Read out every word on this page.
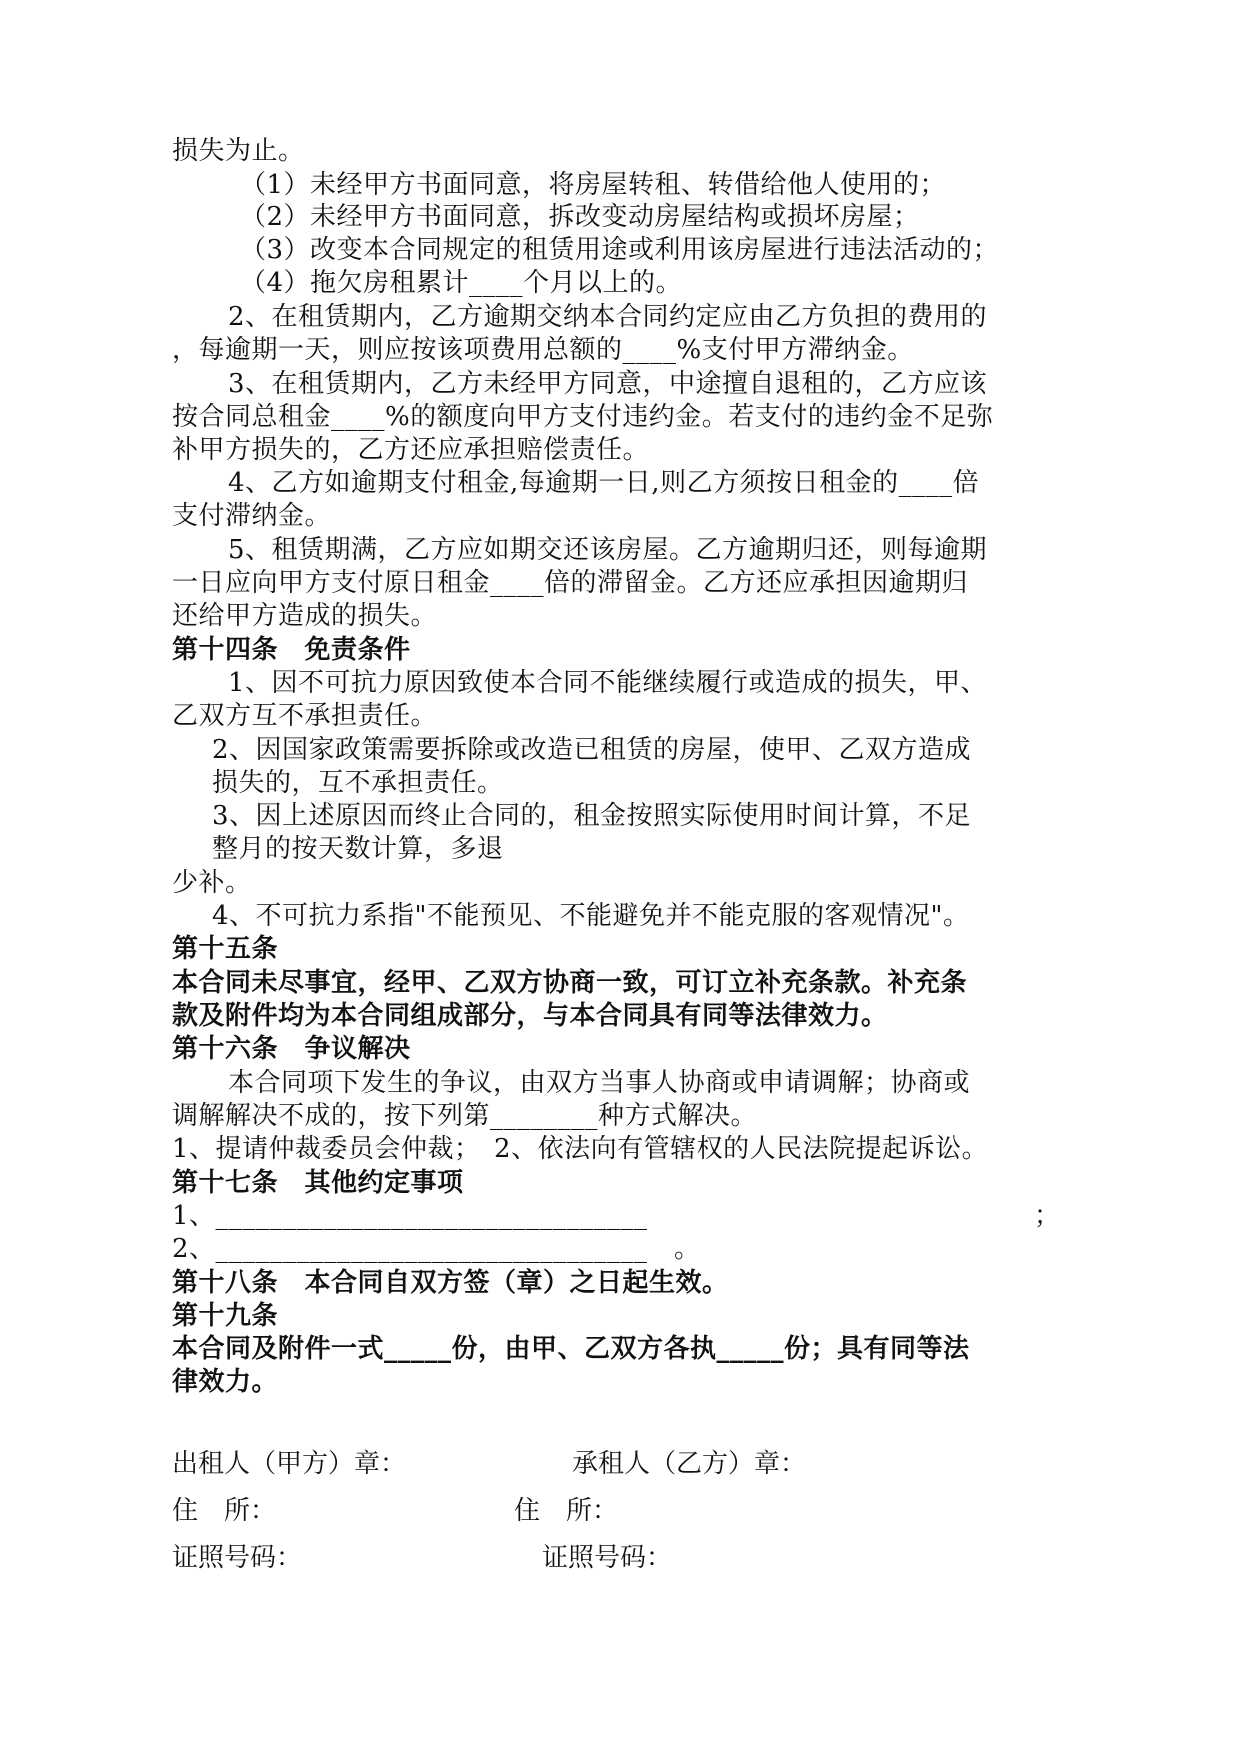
损失为止。
（1）未经甲方书面同意，将房屋转租、转借给他人使用的；
（2）未经甲方书面同意，拆改变动房屋结构或损坏房屋；
（3）改变本合同规定的租赁用途或利用该房屋进行违法活动的；
（4）拖欠房租累计____个月以上的。
2、在租赁期内，乙方逾期交纳本合同约定应由乙方负担的费用的
，每逾期一天，则应按该项费用总额的____%支付甲方滞纳金。
3、在租赁期内，乙方未经甲方同意，中途擅自退租的，乙方应该
按合同总租金____%的额度向甲方支付违约金。若支付的违约金不足弥
补甲方损失的，乙方还应承担赔偿责任。
4、乙方如逾期支付租金,每逾期一日,则乙方须按日租金的____倍
支付滞纳金。
5、租赁期满，乙方应如期交还该房屋。乙方逾期归还，则每逾期
一日应向甲方支付原日租金____倍的滞留金。乙方还应承担因逾期归
还给甲方造成的损失。
第十四条　免责条件
1、因不可抗力原因致使本合同不能继续履行或造成的损失，甲、
乙双方互不承担责任。
2、因国家政策需要拆除或改造已租赁的房屋，使甲、乙双方造成
损失的，互不承担责任。
3、因上述原因而终止合同的，租金按照实际使用时间计算，不足
整月的按天数计算，多退
少补。
4、不可抗力系指"不能预见、不能避免并不能克服的客观情况"。
第十五条
本合同未尽事宜，经甲、乙双方协商一致，可订立补充条款。补充条
款及附件均为本合同组成部分，与本合同具有同等法律效力。
第十六条　争议解决
本合同项下发生的争议，由双方当事人协商或申请调解；协商或
调解解决不成的，按下列第________种方式解决。
1、提请仲裁委员会仲裁；　2、依法向有管辖权的人民法院提起诉讼。
第十七条　其他约定事项
1、________________________________	；
2、________________________________　。
第十八条　本合同自双方签（章）之日起生效。
第十九条
本合同及附件一式_____份，由甲、乙双方各执_____份；具有同等法
律效力。
出租人（甲方）章：	承租人（乙方）章：
住　所：	住　所：
证照号码：	证照号码：
